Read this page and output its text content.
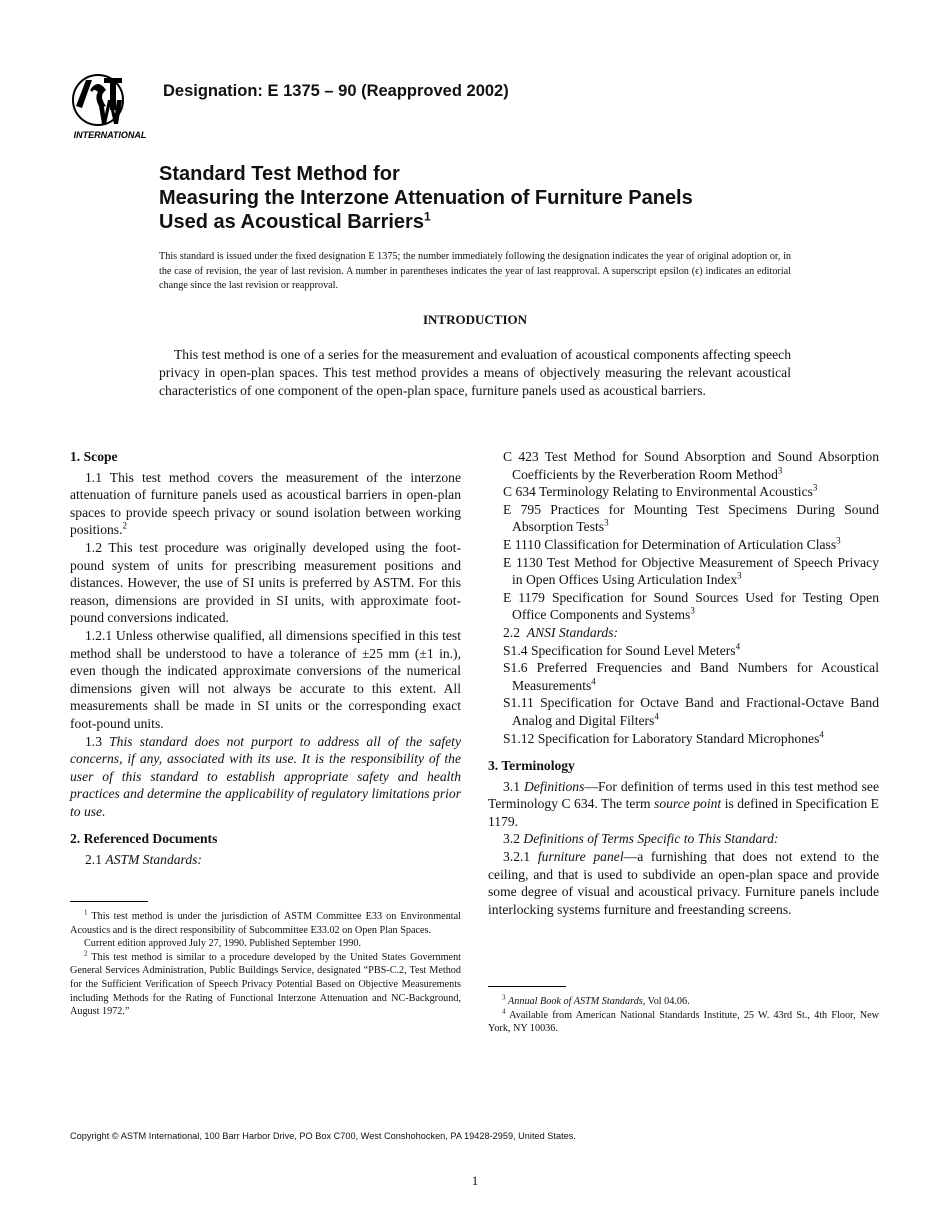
INTERNATIONAL
Designation: E 1375 – 90 (Reapproved 2002)
Standard Test Method for
Measuring the Interzone Attenuation of Furniture Panels
Used as Acoustical Barriers$^1$
This standard is issued under the fixed designation E 1375; the number immediately following the designation indicates the year of original adoption or, in the case of revision, the year of last revision. A number in parentheses indicates the year of last reapproval. A superscript epsilon (ϵ) indicates an editorial change since the last revision or reapproval.
INTRODUCTION
This test method is one of a series for the measurement and evaluation of acoustical components affecting speech privacy in open-plan spaces. This test method provides a means of objectively measuring the relevant acoustical characteristics of one component of the open-plan space, furniture panels used as acoustical barriers.

1. Scope

1.1 This test method covers the measurement of the interzone attenuation of furniture panels used as acoustical barriers in open-plan spaces to provide speech privacy or sound isolation between working positions.$^2$

1.2 This test procedure was originally developed using the foot-pound system of units for prescribing measurement positions and distances. However, the use of SI units is preferred by ASTM. For this reason, dimensions are provided in SI units, with approximate foot-pound conversions indicated.

1.2.1 Unless otherwise qualified, all dimensions specified in this test method shall be understood to have a tolerance of ±25 mm (±1 in.), even though the indicated approximate conversions of the numerical dimensions given will not always be accurate to this extent. All measurements shall be made in SI units or the corresponding exact foot-pound units.

1.3 This standard does not purport to address all of the safety concerns, if any, associated with its use. It is the responsibility of the user of this standard to establish appropriate safety and health practices and determine the applicability of regulatory limitations prior to use.

2. Referenced Documents

2.1 ASTM Standards:

$^1$ This test method is under the jurisdiction of ASTM Committee E33 on Environmental Acoustics and is the direct responsibility of Subcommittee E33.02 on Open Plan Spaces.

Current edition approved July 27, 1990. Published September 1990.

$^2$ This test method is similar to a procedure developed by the United States Government General Services Administration, Public Buildings Service, designated “PBS-C.2, Test Method for the Sufficient Verification of Speech Privacy Potential Based on Objective Measurements including Methods for the Rating of Functional Interzone Attenuation and NC-Background, August 1972.”

C 423 Test Method for Sound Absorption and Sound Absorption Coefficients by the Reverberation Room Method$^3$

C 634 Terminology Relating to Environmental Acoustics$^3$

E 795 Practices for Mounting Test Specimens During Sound Absorption Tests$^3$

E 1110 Classification for Determination of Articulation Class$^3$

E 1130 Test Method for Objective Measurement of Speech Privacy in Open Offices Using Articulation Index$^3$

E 1179 Specification for Sound Sources Used for Testing Open Office Components and Systems$^3$

2.2 ANSI Standards:

S1.4 Specification for Sound Level Meters$^4$

S1.6 Preferred Frequencies and Band Numbers for Acoustical Measurements$^4$

S1.11 Specification for Octave Band and Fractional-Octave Band Analog and Digital Filters$^4$

S1.12 Specification for Laboratory Standard Microphones$^4$

3. Terminology

3.1 Definitions—For definition of terms used in this test method see Terminology C 634. The term source point is defined in Specification E 1179.

3.2 Definitions of Terms Specific to This Standard:

3.2.1 furniture panel—a furnishing that does not extend to the ceiling, and that is used to subdivide an open-plan space and provide some degree of visual and acoustical privacy. Furniture panels include interlocking systems furniture and freestanding screens.

$^3$ Annual Book of ASTM Standards, Vol 04.06.

$^4$ Available from American National Standards Institute, 25 W. 43rd St., 4th Floor, New York, NY 10036.

Copyright © ASTM International, 100 Barr Harbor Drive, PO Box C700, West Conshohocken, PA 19428-2959, United States.
1
